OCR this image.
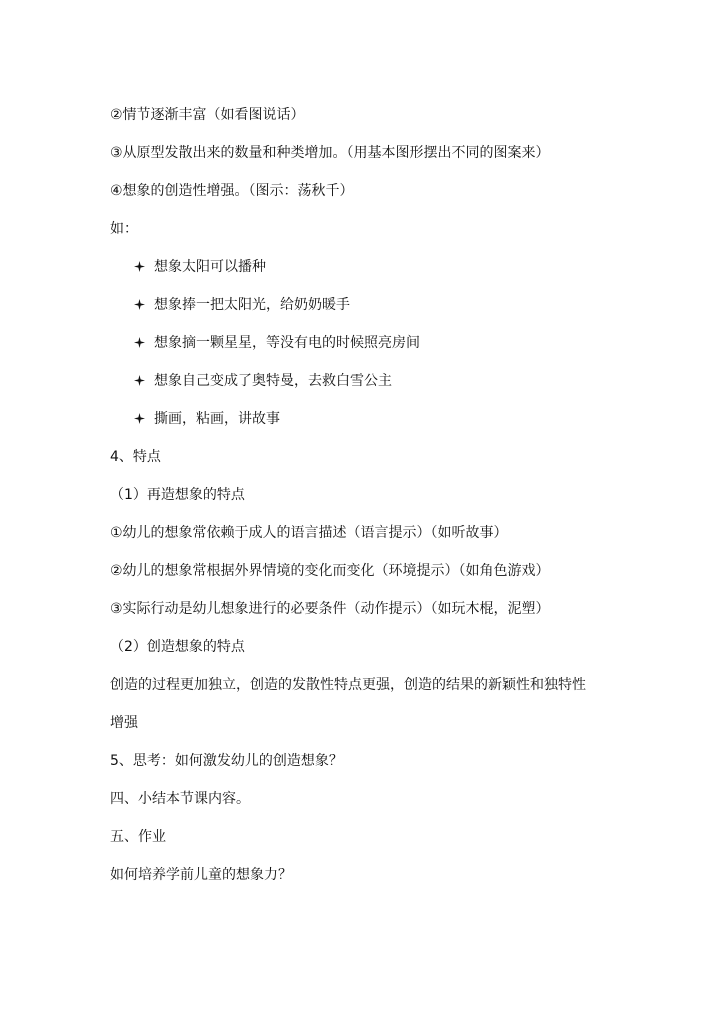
②情节逐渐丰富（如看图说话）
③从原型发散出来的数量和种类增加。（用基本图形摆出不同的图案来）
④想象的创造性增强。（图示：荡秋千）
如：
想象太阳可以播种
想象捧一把太阳光，给奶奶暖手
想象摘一颗星星，等没有电的时候照亮房间
想象自己变成了奥特曼，去救白雪公主
撕画，粘画，讲故事
4、特点
（1）再造想象的特点
①幼儿的想象常依赖于成人的语言描述（语言提示）（如听故事）
②幼儿的想象常根据外界情境的变化而变化（环境提示）（如角色游戏）
③实际行动是幼儿想象进行的必要条件（动作提示）（如玩木棍，泥塑）
（2）创造想象的特点
创造的过程更加独立，创造的发散性特点更强，创造的结果的新颖性和独特性
增强
5、思考：如何激发幼儿的创造想象？
四、小结本节课内容。
五、作业
如何培养学前儿童的想象力？
